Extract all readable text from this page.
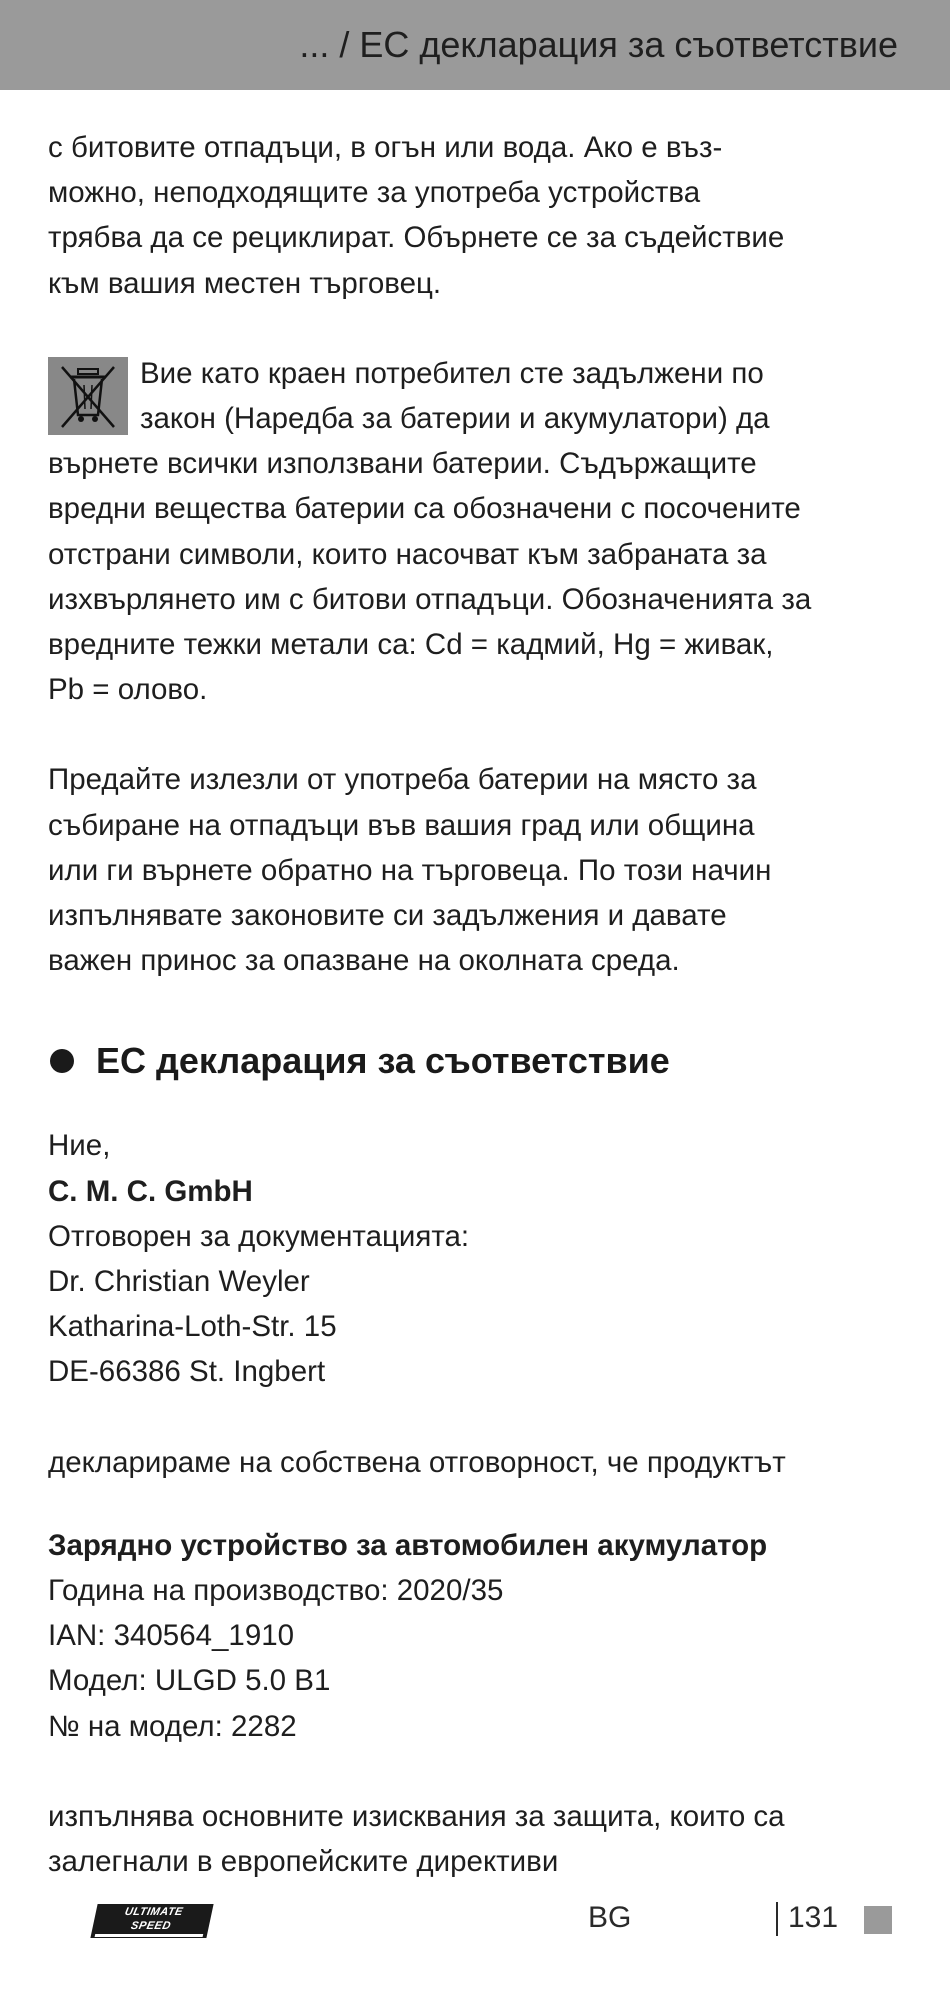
... / ЕС декларация за съответствие

с битовите отпадъци, в огън или вода. Ако е въз-
можно, неподходящите за употреба устройства
трябва да се рециклират. Обърнете се за съдействие
към вашия местен търговец.

Вие като краен потребител сте задължени по
закон (Наредба за батерии и акумулатори) да
върнете всички използвани батерии. Съдържащите
вредни вещества батерии са обозначени с посочените
отстрани символи, които насочват към забраната за
изхвърлянето им с битови отпадъци. Обозначенията за
вредните тежки метали са: Cd = кадмий, Hg = живак,
Pb = олово.

Предайте излезли от употреба батерии на място за
събиране на отпадъци във вашия град или община
или ги върнете обратно на търговеца. По този начин
изпълнявате законовите си задължения и давате
важен принос за опазване на околната среда.

ЕС декларация за съответствие

Ние,

C. M. C. GmbH

Отговорен за документацията:

Dr. Christian Weyler

Katharina-Loth-Str. 15

DE-66386 St. Ingbert

декларираме на собствена отговорност, че продуктът

Зарядно устройство за автомобилен акумулатор

Година на производство: 2020/35

IAN: 340564_1910

Модел: ULGD 5.0 B1

№ на модел: 2282

изпълнява основните изисквания за защита, които са
залегнали в европейските директиви

ULTIMATE
SPEED	BG	131
